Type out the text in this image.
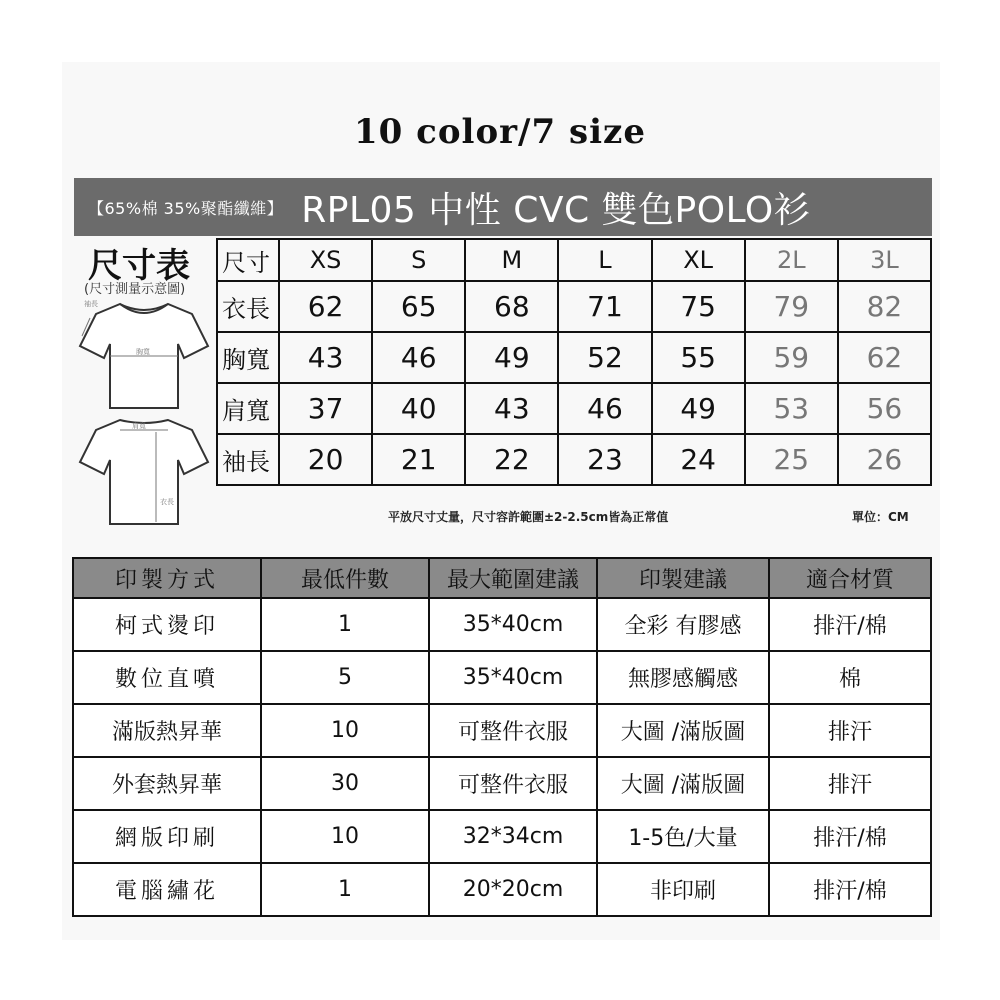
10 color/7 size
【65%棉 35%聚酯纖維】 RPL05 中性 CVC 雙色POLO衫
尺寸表
(尺寸測量示意圖)
胸寬
袖長
肩寬
衣長
尺寸	XS	S	M	L	XL	2L	3L
衣長	62	65	68	71	75	79	82
胸寬	43	46	49	52	55	59	62
肩寬	37	40	43	46	49	53	56
袖長	20	21	22	23	24	25	26
平放尺寸丈量，尺寸容許範圍±2-2.5cm皆為正常值	單位：CM
印製方式	最低件數	最大範圍建議	印製建議	適合材質
柯式燙印	1	35*40cm	全彩 有膠感	排汗/棉
數位直噴	5	35*40cm	無膠感觸感	棉
滿版熱昇華	10	可整件衣服	大圖 /滿版圖	排汗
外套熱昇華	30	可整件衣服	大圖 /滿版圖	排汗
網版印刷	10	32*34cm	1-5色/大量	排汗/棉
電腦繡花	1	20*20cm	非印刷	排汗/棉
